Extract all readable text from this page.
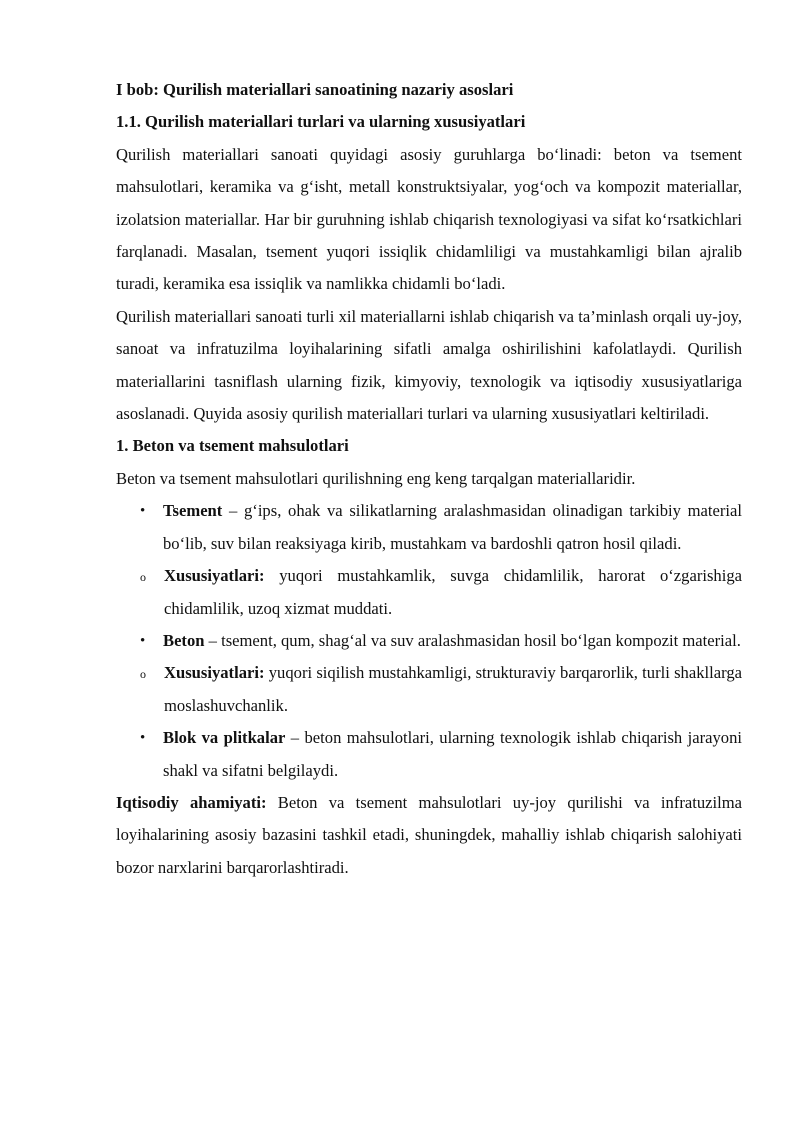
I bob: Qurilish materiallari sanoatining nazariy asoslari

1.1. Qurilish materiallari turlari va ularning xususiyatlari

Qurilish materiallari sanoati quyidagi asosiy guruhlarga bo‘linadi: beton va tsement mahsulotlari, keramika va g‘isht, metall konstruktsiyalar, yog‘och va kompozit materiallar, izolatsion materiallar. Har bir guruhning ishlab chiqarish texnologiyasi va sifat ko‘rsatkichlari farqlanadi. Masalan, tsement yuqori issiqlik chidamliligi va mustahkamligi bilan ajralib turadi, keramika esa issiqlik va namlikka chidamli bo‘ladi.

Qurilish materiallari sanoati turli xil materiallarni ishlab chiqarish va ta’minlash orqali uy-joy, sanoat va infratuzilma loyihalarining sifatli amalga oshirilishini kafolatlaydi. Qurilish materiallarini tasniflash ularning fizik, kimyoviy, texnologik va iqtisodiy xususiyatlariga asoslanadi. Quyida asosiy qurilish materiallari turlari va ularning xususiyatlari keltiriladi.

1. Beton va tsement mahsulotlari

Beton va tsement mahsulotlari qurilishning eng keng tarqalgan materiallaridir.

• Tsement – g‘ips, ohak va silikatlarning aralashmasidan olinadigan tarkibiy material bo‘lib, suv bilan reaksiyaga kirib, mustahkam va bardoshli qatron hosil qiladi.

o Xususiyatlari: yuqori mustahkamlik, suvga chidamlilik, harorat o‘zgarishiga chidamlilik, uzoq xizmat muddati.

• Beton – tsement, qum, shag‘al va suv aralashmasidan hosil bo‘lgan kompozit material.

o Xususiyatlari: yuqori siqilish mustahkamligi, strukturaviy barqarorlik, turli shakllarga moslashuvchanlik.

• Blok va plitkalar – beton mahsulotlari, ularning texnologik ishlab chiqarish jarayoni shakl va sifatni belgilaydi.

Iqtisodiy ahamiyati: Beton va tsement mahsulotlari uy-joy qurilishi va infratuzilma loyihalarining asosiy bazasini tashkil etadi, shuningdek, mahalliy ishlab chiqarish salohiyati bozor narxlarini barqarorlashtiradi.
